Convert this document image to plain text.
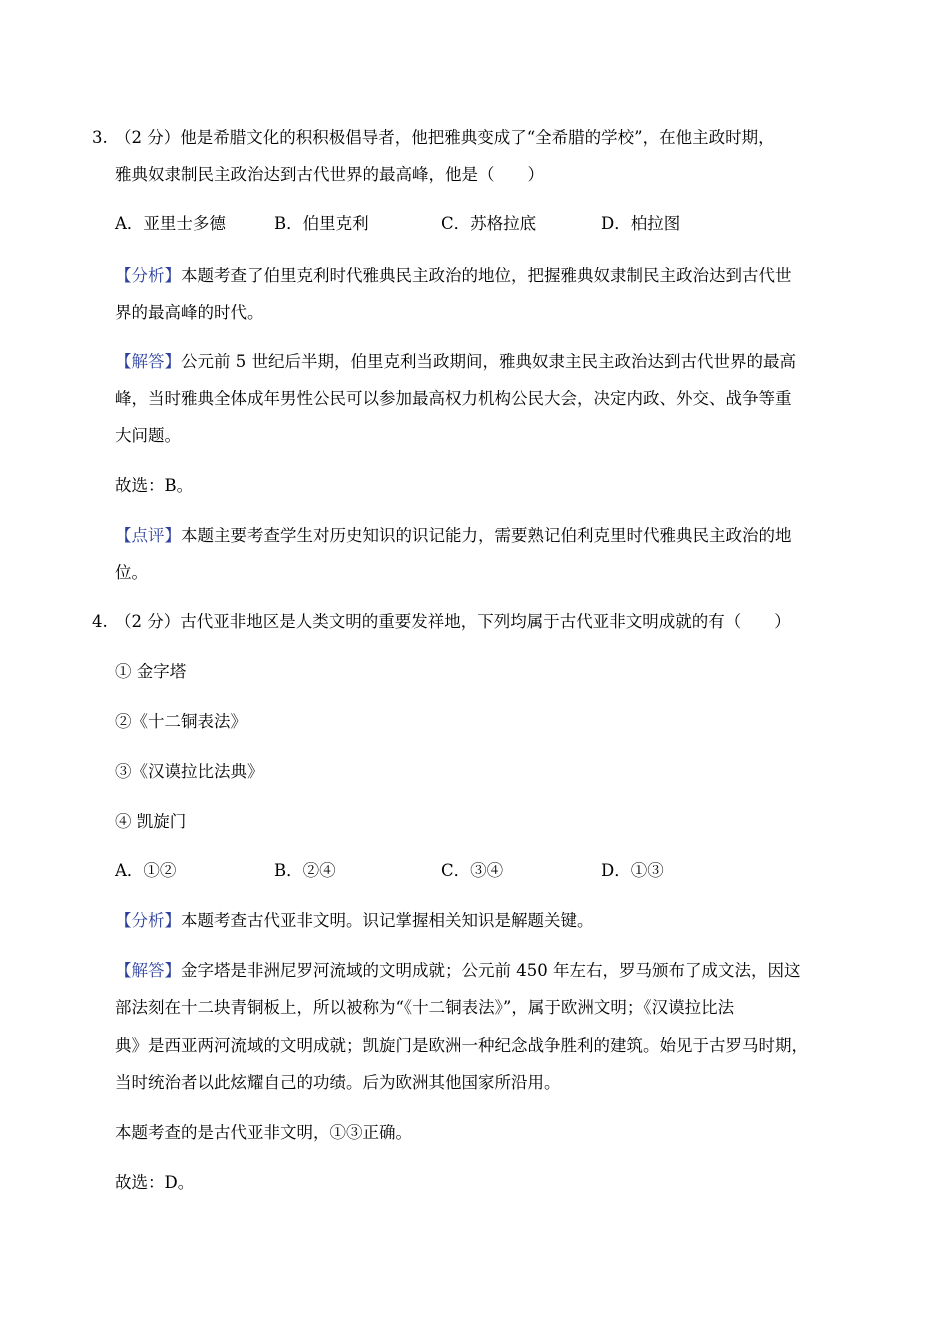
3. （2 分）他是希腊文化的积积极倡导者，他把雅典变成了“全希腊的学校”，在他主政时期，
雅典奴隶制民主政治达到古代世界的最高峰，他是（　　）
A．亚里士多德	B．伯里克利	C．苏格拉底	D．柏拉图
【分析】本题考查了伯里克利时代雅典民主政治的地位，把握雅典奴隶制民主政治达到古代世
界的最高峰的时代。
【解答】公元前 5 世纪后半期，伯里克利当政期间，雅典奴隶主民主政治达到古代世界的最高
峰，当时雅典全体成年男性公民可以参加最高权力机构公民大会，决定内政、外交、战争等重
大问题。
故选：B。
【点评】本题主要考查学生对历史知识的识记能力，需要熟记伯利克里时代雅典民主政治的地
位。
4. （2 分）古代亚非地区是人类文明的重要发祥地，下列均属于古代亚非文明成就的有（　　）
① 金字塔
②《十二铜表法》
③《汉谟拉比法典》
④ 凯旋门
A．①②	B．②④	C．③④	D．①③
【分析】本题考查古代亚非文明。识记掌握相关知识是解题关键。
【解答】金字塔是非洲尼罗河流域的文明成就；公元前 450 年左右，罗马颁布了成文法，因这
部法刻在十二块青铜板上，所以被称为“《十二铜表法》”，属于欧洲文明；《汉谟拉比法
典》是西亚两河流域的文明成就；凯旋门是欧洲一种纪念战争胜利的建筑。始见于古罗马时期，
当时统治者以此炫耀自己的功绩。后为欧洲其他国家所沿用。
本题考查的是古代亚非文明，①③正确。
故选：D。
